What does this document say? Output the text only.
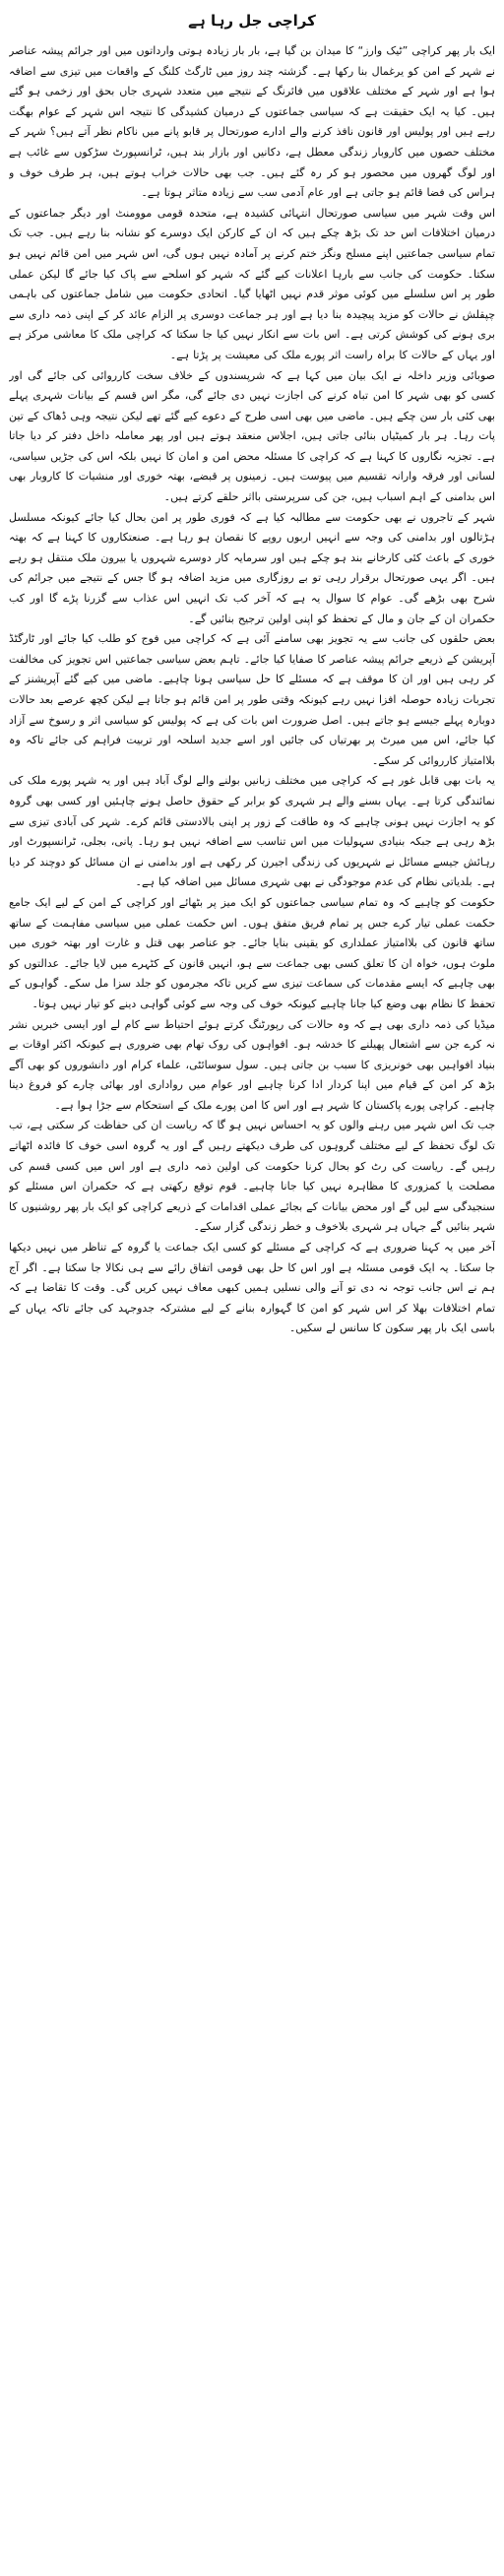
کراچی جل رہا ہے

ایک بار پھر کراچی ”ٹیک وارز“ کا میدان بن گیا ہے، بار بار زیادہ ہوتی وارداتوں میں اور جرائم پیشہ عناصر نے شہر کے امن کو یرغمال بنا رکھا ہے۔ گزشتہ چند روز میں ٹارگٹ کلنگ کے واقعات میں تیزی سے اضافہ ہوا ہے اور شہر کے مختلف علاقوں میں فائرنگ کے نتیجے میں متعدد شہری جاں بحق اور زخمی ہو گئے ہیں۔ کیا یہ ایک حقیقت ہے کہ سیاسی جماعتوں کے درمیان کشیدگی کا نتیجہ اس شہر کے عوام بھگت رہے ہیں اور پولیس اور قانون نافذ کرنے والے ادارے صورتحال پر قابو پانے میں ناکام نظر آتے ہیں؟ شہر کے مختلف حصوں میں کاروبار زندگی معطل ہے، دکانیں اور بازار بند ہیں، ٹرانسپورٹ سڑکوں سے غائب ہے اور لوگ گھروں میں محصور ہو کر رہ گئے ہیں۔ جب بھی حالات خراب ہوتے ہیں، ہر طرف خوف و ہراس کی فضا قائم ہو جاتی ہے اور عام آدمی سب سے زیادہ متاثر ہوتا ہے۔

اس وقت شہر میں سیاسی صورتحال انتہائی کشیدہ ہے، متحدہ قومی موومنٹ اور دیگر جماعتوں کے درمیان اختلافات اس حد تک بڑھ چکے ہیں کہ ان کے کارکن ایک دوسرے کو نشانہ بنا رہے ہیں۔ جب تک تمام سیاسی جماعتیں اپنے مسلح ونگز ختم کرنے پر آمادہ نہیں ہوں گی، اس شہر میں امن قائم نہیں ہو سکتا۔ حکومت کی جانب سے بارہا اعلانات کیے گئے کہ شہر کو اسلحے سے پاک کیا جائے گا لیکن عملی طور پر اس سلسلے میں کوئی موثر قدم نہیں اٹھایا گیا۔ اتحادی حکومت میں شامل جماعتوں کی باہمی چپقلش نے حالات کو مزید پیچیدہ بنا دیا ہے اور ہر جماعت دوسری پر الزام عائد کر کے اپنی ذمہ داری سے بری ہونے کی کوشش کرتی ہے۔ اس بات سے انکار نہیں کیا جا سکتا کہ کراچی ملک کا معاشی مرکز ہے اور یہاں کے حالات کا براہ راست اثر پورے ملک کی معیشت پر پڑتا ہے۔

صوبائی وزیر داخلہ نے ایک بیان میں کہا ہے کہ شرپسندوں کے خلاف سخت کارروائی کی جائے گی اور کسی کو بھی شہر کا امن تباہ کرنے کی اجازت نہیں دی جائے گی، مگر اس قسم کے بیانات شہری پہلے بھی کئی بار سن چکے ہیں۔ ماضی میں بھی اسی طرح کے دعوے کیے گئے تھے لیکن نتیجہ وہی ڈھاک کے تین پات رہا۔ ہر بار کمیٹیاں بنائی جاتی ہیں، اجلاس منعقد ہوتے ہیں اور پھر معاملہ داخل دفتر کر دیا جاتا ہے۔ تجزیہ نگاروں کا کہنا ہے کہ کراچی کا مسئلہ محض امن و امان کا نہیں بلکہ اس کی جڑیں سیاسی، لسانی اور فرقہ وارانہ تقسیم میں پیوست ہیں۔ زمینوں پر قبضے، بھتہ خوری اور منشیات کا کاروبار بھی اس بدامنی کے اہم اسباب ہیں، جن کی سرپرستی بااثر حلقے کرتے ہیں۔

شہر کے تاجروں نے بھی حکومت سے مطالبہ کیا ہے کہ فوری طور پر امن بحال کیا جائے کیونکہ مسلسل ہڑتالوں اور بدامنی کی وجہ سے انہیں اربوں روپے کا نقصان ہو رہا ہے۔ صنعتکاروں کا کہنا ہے کہ بھتہ خوری کے باعث کئی کارخانے بند ہو چکے ہیں اور سرمایہ کار دوسرے شہروں یا بیرون ملک منتقل ہو رہے ہیں۔ اگر یہی صورتحال برقرار رہی تو بے روزگاری میں مزید اضافہ ہو گا جس کے نتیجے میں جرائم کی شرح بھی بڑھے گی۔ عوام کا سوال یہ ہے کہ آخر کب تک انہیں اس عذاب سے گزرنا پڑے گا اور کب حکمران ان کے جان و مال کے تحفظ کو اپنی اولین ترجیح بنائیں گے۔

بعض حلقوں کی جانب سے یہ تجویز بھی سامنے آئی ہے کہ کراچی میں فوج کو طلب کیا جائے اور ٹارگٹڈ آپریشن کے ذریعے جرائم پیشہ عناصر کا صفایا کیا جائے۔ تاہم بعض سیاسی جماعتیں اس تجویز کی مخالفت کر رہی ہیں اور ان کا موقف ہے کہ مسئلے کا حل سیاسی ہونا چاہیے۔ ماضی میں کیے گئے آپریشنز کے تجربات زیادہ حوصلہ افزا نہیں رہے کیونکہ وقتی طور پر امن قائم ہو جاتا ہے لیکن کچھ عرصے بعد حالات دوبارہ پہلے جیسے ہو جاتے ہیں۔ اصل ضرورت اس بات کی ہے کہ پولیس کو سیاسی اثر و رسوخ سے آزاد کیا جائے، اس میں میرٹ پر بھرتیاں کی جائیں اور اسے جدید اسلحہ اور تربیت فراہم کی جائے تاکہ وہ بلاامتیاز کارروائی کر سکے۔

یہ بات بھی قابل غور ہے کہ کراچی میں مختلف زبانیں بولنے والے لوگ آباد ہیں اور یہ شہر پورے ملک کی نمائندگی کرتا ہے۔ یہاں بسنے والے ہر شہری کو برابر کے حقوق حاصل ہونے چاہئیں اور کسی بھی گروہ کو یہ اجازت نہیں ہونی چاہیے کہ وہ طاقت کے زور پر اپنی بالادستی قائم کرے۔ شہر کی آبادی تیزی سے بڑھ رہی ہے جبکہ بنیادی سہولیات میں اس تناسب سے اضافہ نہیں ہو رہا۔ پانی، بجلی، ٹرانسپورٹ اور رہائش جیسے مسائل نے شہریوں کی زندگی اجیرن کر رکھی ہے اور بدامنی نے ان مسائل کو دوچند کر دیا ہے۔ بلدیاتی نظام کی عدم موجودگی نے بھی شہری مسائل میں اضافہ کیا ہے۔

حکومت کو چاہیے کہ وہ تمام سیاسی جماعتوں کو ایک میز پر بٹھائے اور کراچی کے امن کے لیے ایک جامع حکمت عملی تیار کرے جس پر تمام فریق متفق ہوں۔ اس حکمت عملی میں سیاسی مفاہمت کے ساتھ ساتھ قانون کی بلاامتیاز عملداری کو یقینی بنایا جائے۔ جو عناصر بھی قتل و غارت اور بھتہ خوری میں ملوث ہوں، خواہ ان کا تعلق کسی بھی جماعت سے ہو، انہیں قانون کے کٹہرے میں لایا جائے۔ عدالتوں کو بھی چاہیے کہ ایسے مقدمات کی سماعت تیزی سے کریں تاکہ مجرموں کو جلد سزا مل سکے۔ گواہوں کے تحفظ کا نظام بھی وضع کیا جانا چاہیے کیونکہ خوف کی وجہ سے کوئی گواہی دینے کو تیار نہیں ہوتا۔

میڈیا کی ذمہ داری بھی ہے کہ وہ حالات کی رپورٹنگ کرتے ہوئے احتیاط سے کام لے اور ایسی خبریں نشر نہ کرے جن سے اشتعال پھیلنے کا خدشہ ہو۔ افواہوں کی روک تھام بھی ضروری ہے کیونکہ اکثر اوقات بے بنیاد افواہیں بھی خونریزی کا سبب بن جاتی ہیں۔ سول سوسائٹی، علماء کرام اور دانشوروں کو بھی آگے بڑھ کر امن کے قیام میں اپنا کردار ادا کرنا چاہیے اور عوام میں رواداری اور بھائی چارے کو فروغ دینا چاہیے۔ کراچی پورے پاکستان کا شہر ہے اور اس کا امن پورے ملک کے استحکام سے جڑا ہوا ہے۔

جب تک اس شہر میں رہنے والوں کو یہ احساس نہیں ہو گا کہ ریاست ان کی حفاظت کر سکتی ہے، تب تک لوگ تحفظ کے لیے مختلف گروہوں کی طرف دیکھتے رہیں گے اور یہ گروہ اسی خوف کا فائدہ اٹھاتے رہیں گے۔ ریاست کی رٹ کو بحال کرنا حکومت کی اولین ذمہ داری ہے اور اس میں کسی قسم کی مصلحت یا کمزوری کا مظاہرہ نہیں کیا جانا چاہیے۔ قوم توقع رکھتی ہے کہ حکمران اس مسئلے کو سنجیدگی سے لیں گے اور محض بیانات کے بجائے عملی اقدامات کے ذریعے کراچی کو ایک بار پھر روشنیوں کا شہر بنائیں گے جہاں ہر شہری بلاخوف و خطر زندگی گزار سکے۔

آخر میں یہ کہنا ضروری ہے کہ کراچی کے مسئلے کو کسی ایک جماعت یا گروہ کے تناظر میں نہیں دیکھا جا سکتا۔ یہ ایک قومی مسئلہ ہے اور اس کا حل بھی قومی اتفاق رائے سے ہی نکالا جا سکتا ہے۔ اگر آج ہم نے اس جانب توجہ نہ دی تو آنے والی نسلیں ہمیں کبھی معاف نہیں کریں گی۔ وقت کا تقاضا ہے کہ تمام اختلافات بھلا کر اس شہر کو امن کا گہوارہ بنانے کے لیے مشترکہ جدوجہد کی جائے تاکہ یہاں کے باسی ایک بار پھر سکون کا سانس لے سکیں۔
